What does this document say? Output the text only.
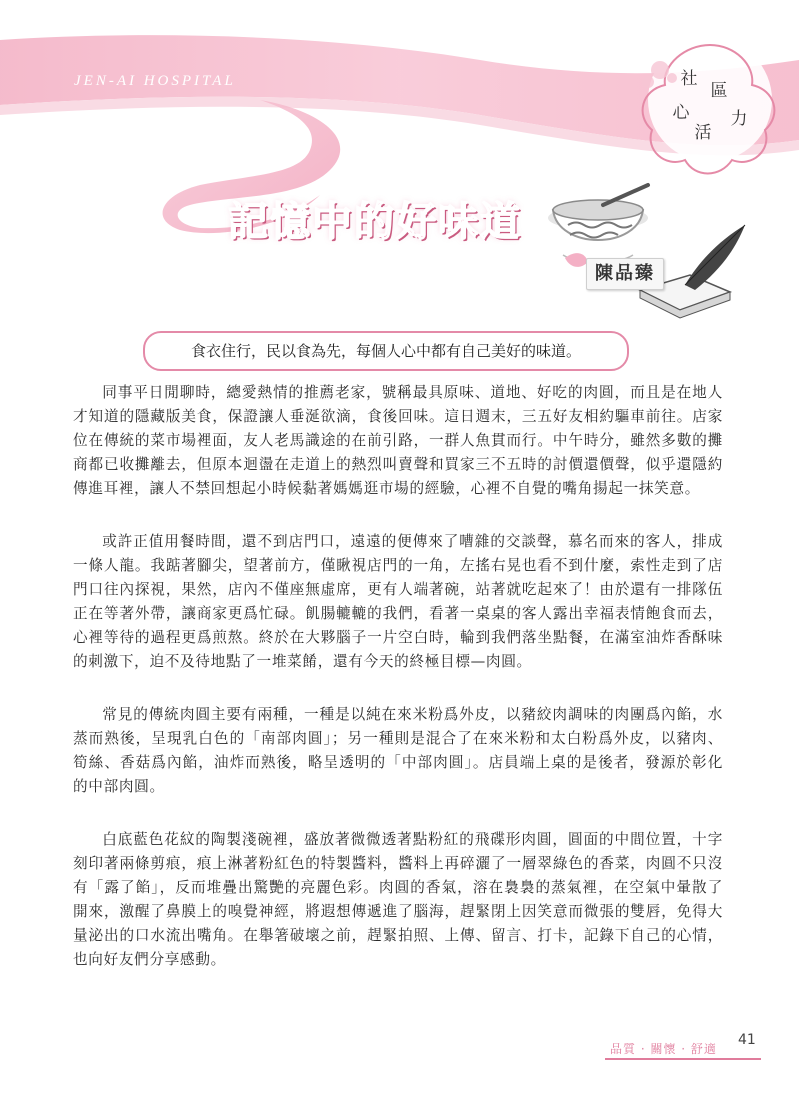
JEN-AI HOSPITAL	社
區
心
活
力
記憶中的好味道
陳品臻
食衣住行，民以食為先，每個人心中都有自己美好的味道。

同事平日閒聊時，總愛熱情的推薦老家，號稱最具原味、道地、好吃的肉圓，而且是在地人才知道的隱藏版美食，保證讓人垂涎欲滴，食後回味。這日週末，三五好友相約驅車前往。店家位在傳統的菜市場裡面，友人老馬識途的在前引路，一群人魚貫而行。中午時分，雖然多數的攤商都已收攤離去，但原本迴盪在走道上的熱烈叫賣聲和買家三不五時的討價還價聲，似乎還隱約傳進耳裡，讓人不禁回想起小時候黏著媽媽逛市場的經驗，心裡不自覺的嘴角揚起一抹笑意。

或許正值用餐時間，還不到店門口，遠遠的便傳來了嘈雜的交談聲，慕名而來的客人，排成一條人龍。我踮著腳尖，望著前方，僅瞅視店門的一角，左搖右晃也看不到什麼，索性走到了店門口往內探視，果然，店內不僅座無虛席，更有人端著碗，站著就吃起來了！由於還有一排隊伍正在等著外帶，讓商家更爲忙碌。飢腸轆轆的我們，看著一桌桌的客人露出幸福表情飽食而去，心裡等待的過程更爲煎熬。終於在大夥腦子一片空白時，輪到我們落坐點餐，在滿室油炸香酥味的刺激下，迫不及待地點了一堆菜餚，還有今天的終極目標—肉圓。

常見的傳統肉圓主要有兩種，一種是以純在來米粉爲外皮，以豬絞肉調味的肉團爲內餡，水蒸而熟後，呈現乳白色的「南部肉圓」；另一種則是混合了在來米粉和太白粉爲外皮，以豬肉、筍絲、香菇爲內餡，油炸而熟後，略呈透明的「中部肉圓」。店員端上桌的是後者，發源於彰化的中部肉圓。

白底藍色花紋的陶製淺碗裡，盛放著微微透著點粉紅的飛碟形肉圓，圓面的中間位置，十字刻印著兩條剪痕，痕上淋著粉紅色的特製醬料，醬料上再碎灑了一層翠綠色的香菜，肉圓不只沒有「露了餡」，反而堆疊出驚艷的亮麗色彩。肉圓的香氣，溶在裊裊的蒸氣裡，在空氣中暈散了開來，激醒了鼻膜上的嗅覺神經，將遐想傳遞進了腦海，趕緊閉上因笑意而微張的雙唇，免得大量泌出的口水流出嘴角。在舉箸破壞之前，趕緊拍照、上傳、留言、打卡，記錄下自己的心情，也向好友們分享感動。

品質 · 關懷 · 舒適
41
